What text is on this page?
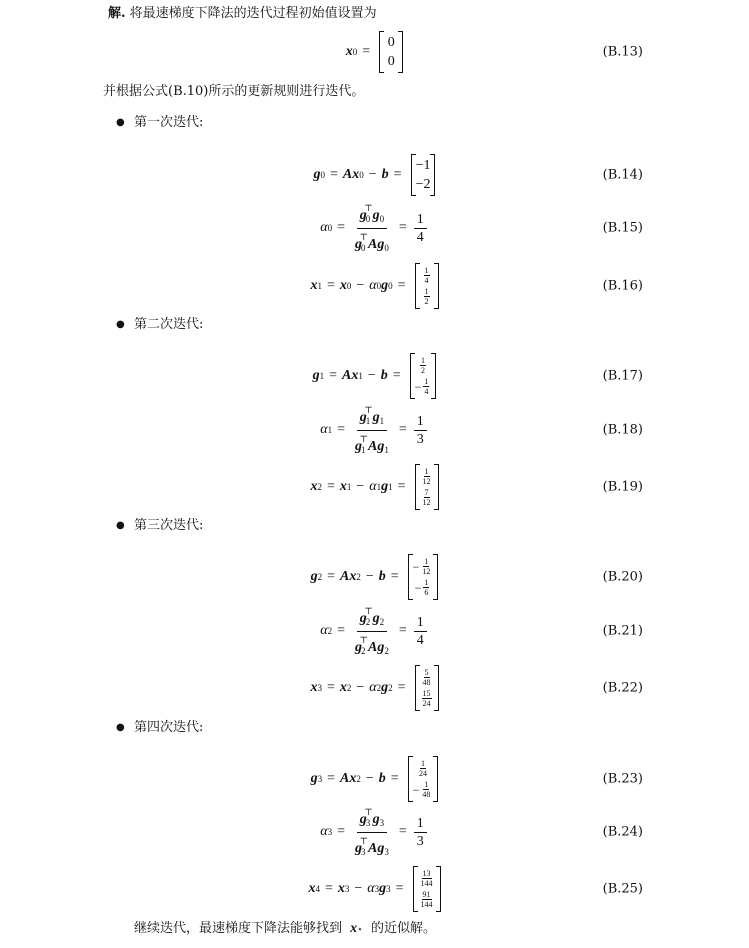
解. 将最速梯度下降法的迭代过程初始值设置为
x 0 =
0
0
(B.13)
并根据公式(B.10)所示的更新规则进行迭代。
● 第一次迭代:
g 0 = A x 0 − b =
−1
−2
(B.14)
α $0 = \frac{g_0^⊤g_0}{g_0^⊤Ag_0} = \frac{1}{4}$	(B.15)
x 1 = x 0 − α 0 g 0 =
$\frac{1}{4}$
$\frac{1}{2}$
(B.16)
● 第二次迭代:
g 1 = A x 1 − b =
$\frac{1}{2}$
− $\frac{1}{4}$
(B.17)
α $1 = \frac{g_1^⊤g_1}{g_1^⊤Ag_1} = \frac{1}{3}$	(B.18)
x 2 = x 1 − α 1 g 1 =
$\frac{1}{12}$
$\frac{7}{12}$
(B.19)
● 第三次迭代:
g 2 = A x 2 − b =
− $\frac{1}{12}$
− $\frac{1}{6}$
(B.20)
α $2 = \frac{g_2^⊤g_2}{g_2^⊤Ag_2} = \frac{1}{4}$	(B.21)
x 3 = x 2 − α 2 g 2 =
$\frac{5}{48}$
$\frac{15}{24}$
(B.22)
● 第四次迭代:
g 3 = A x 2 − b =
$\frac{1}{24}$
− $\frac{1}{48}$
(B.23)
α $3 = \frac{g_3^⊤g_3}{g_3^⊤Ag_3} = \frac{1}{3}$	(B.24)
x 4 = x 3 − α 3 g 3 =
$\frac{13}{144}$
$\frac{91}{144}$
(B.25)
继续迭代，最速梯度下降法能够找到 x ⋆ 的近似解。
